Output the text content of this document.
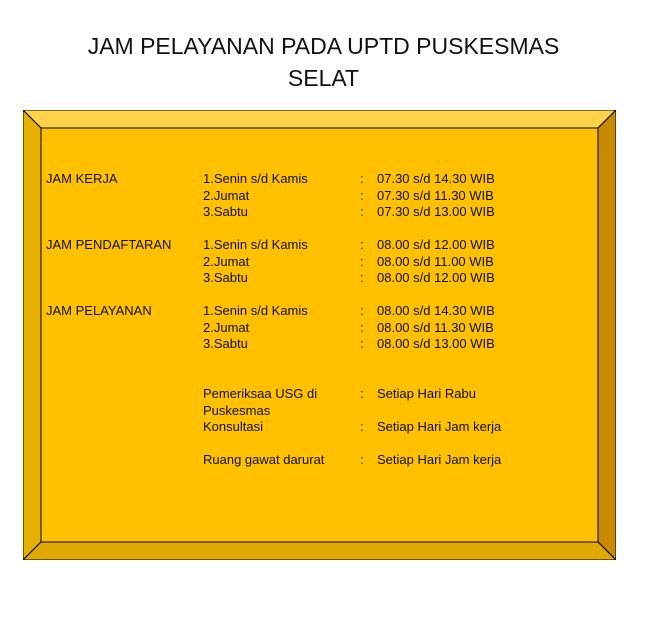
JAM PELAYANAN PADA UPTD PUSKESMAS
SELAT
JAM KERJA	1.Senin s/d Kamis	: 07.30 s/d 14.30 WIB
2.Jumat	: 07.30 s/d 11.30 WIB
3.Sabtu	: 07.30 s/d 13.00 WIB
JAM PENDAFTARAN 1.Senin s/d Kamis	: 08.00 s/d 12.00 WIB
2.Jumat	: 08.00 s/d 11.00 WIB
3.Sabtu	: 08.00 s/d 12.00 WIB
JAM PELAYANAN	1.Senin s/d Kamis	: 08.00 s/d 14.30 WIB
2.Jumat	: 08.00 s/d 11.30 WIB
3.Sabtu	: 08.00 s/d 13.00 WIB
Pemeriksaa USG di	: Setiap Hari Rabu
Puskesmas
Konsultasi	: Setiap Hari Jam kerja
Ruang gawat darurat	: Setiap Hari Jam kerja
